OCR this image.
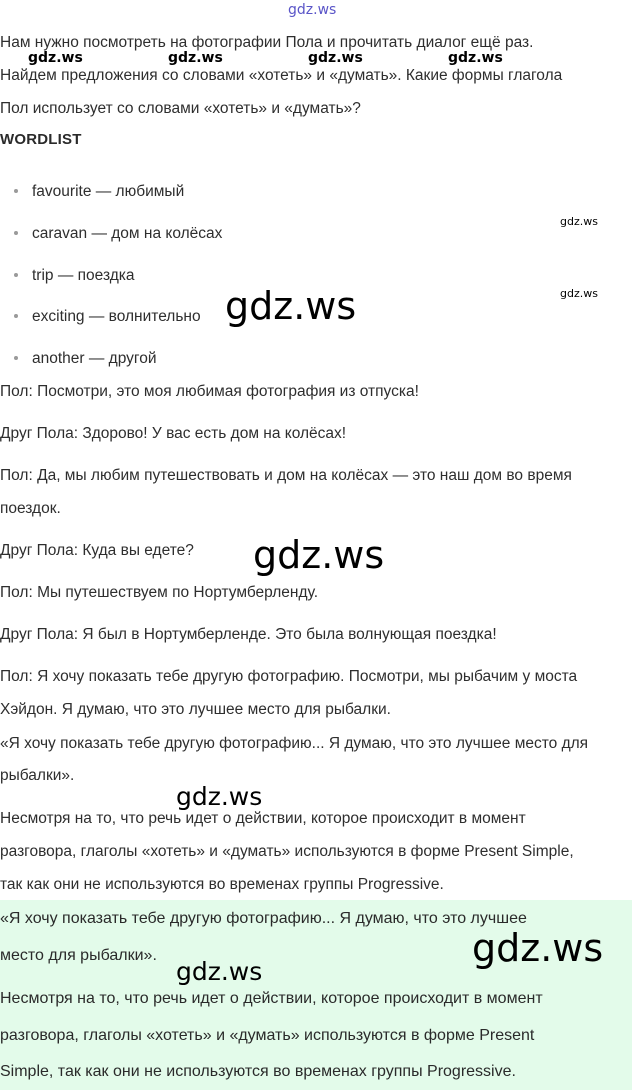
gdz.ws
Нам нужно посмотреть на фотографии Пола и прочитать диалог ещё раз.
Найдем предложения со словами «хотеть» и «думать». Какие формы глагола
Пол использует со словами «хотеть» и «думать»?
WORDLIST
favourite — любимый
caravan — дом на колёсах
trip — поездка
exciting — волнительно
another — другой
Пол: Посмотри, это моя любимая фотография из отпуска!
Друг Пола: Здорово! У вас есть дом на колёсах!
Пол: Да, мы любим путешествовать и дом на колёсах — это наш дом во время
поездок.
Друг Пола: Куда вы едете?
Пол: Мы путешествуем по Нортумберленду.
Друг Пола: Я был в Нортумберленде. Это была волнующая поездка!
Пол: Я хочу показать тебе другую фотографию. Посмотри, мы рыбачим у моста
Хэйдон. Я думаю, что это лучшее место для рыбалки.
«Я хочу показать тебе другую фотографию... Я думаю, что это лучшее место для
рыбалки».
Несмотря на то, что речь идет о действии, которое происходит в момент
разговора, глаголы «хотеть» и «думать» используются в форме Present Simple,
так как они не используются во временах группы Progressive.
«Я хочу показать тебе другую фотографию... Я думаю, что это лучшее
место для рыбалки».
Несмотря на то, что речь идет о действии, которое происходит в момент
разговора, глаголы «хотеть» и «думать» используются в форме Present
Simple, так как они не используются во временах группы Progressive.
gdz.ws	gdz.ws	gdz.ws	gdz.ws
gdz.ws
gdz.ws
gdz.ws
gdz.ws
gdz.ws
gdz.ws
gdz.ws
